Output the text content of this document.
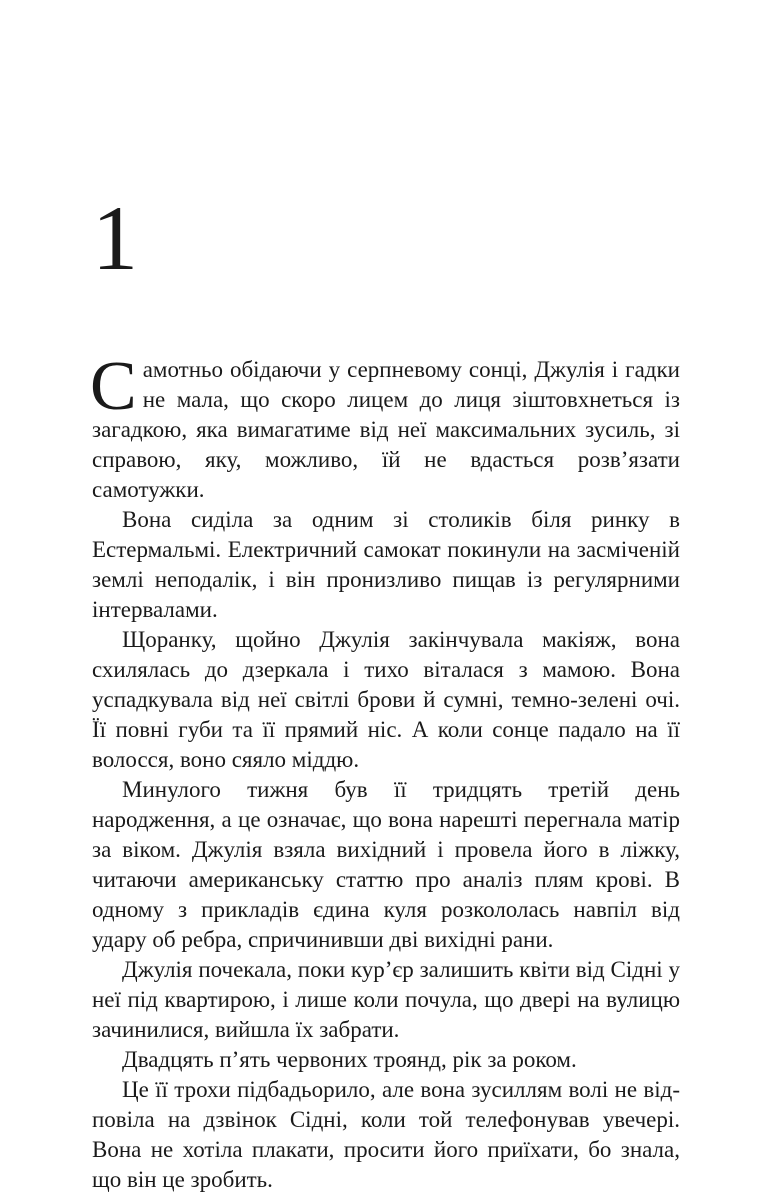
1

Самотньо обідаючи у серпневому сонці, Джулія і гадки не мала, що скоро лицем до лиця зіштовхнеться із загадкою, яка вимагатиме від неї максимальних зусиль, зі справою, яку, можливо, їй не вдасться розв’язати самотужки.

Вона сиділа за одним зі столиків біля ринку в Естермальмі. Електричний самокат покинули на засміченій землі неподалік, і він пронизливо пищав із регулярними інтервалами.

Щоранку, щойно Джулія закінчувала макіяж, вона схилялась до дзеркала і тихо віталася з мамою. Вона успадкувала від неї світлі брови й сумні, темно-зелені очі. Її повні губи та її прямий ніс. А коли сонце падало на її волосся, воно сяяло міддю.

Минулого тижня був її тридцять третій день народження, а це означає, що вона нарешті перегнала матір за віком. Джулія взяла вихідний і провела його в ліжку, читаючи американську статтю про аналіз плям крові. В одному з прикладів єдина куля розкололась навпіл від удару об ребра, спричинивши дві вихідні рани.

Джулія почекала, поки кур’єр залишить квіти від Сідні у неї під квартирою, і лише коли почула, що двері на вулицю зачинилися, вийшла їх забрати.

Двадцять п’ять червоних троянд, рік за роком.

Це її трохи підбадьорило, але вона зусиллям волі не відповіла на дзвінок Сідні, коли той телефонував увечері. Вона не хотіла плакати, просити його приїхати, бо знала, що він це зробить.
